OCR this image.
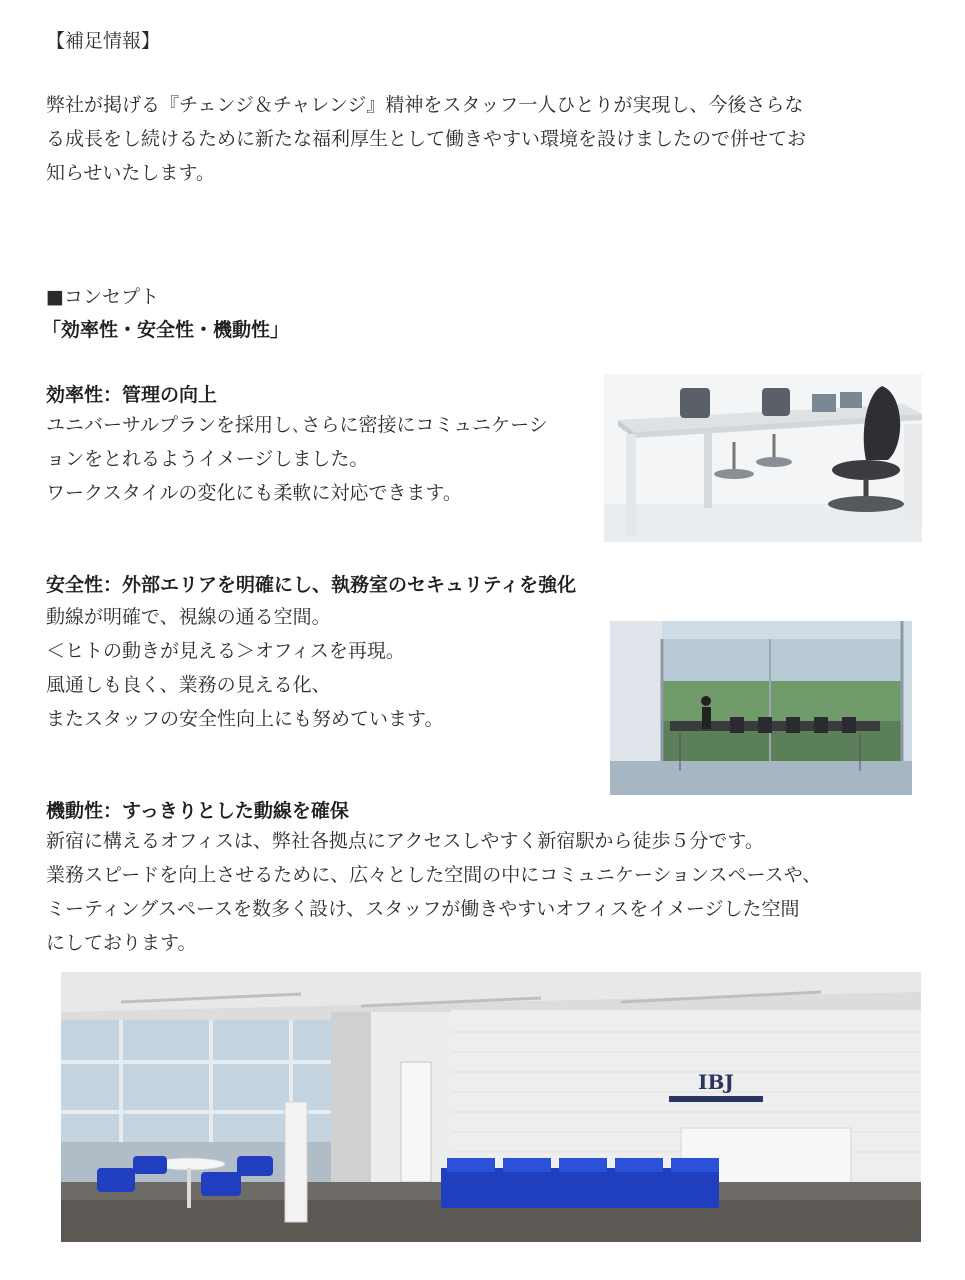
【補足情報】
弊社が掲げる『チェンジ＆チャレンジ』精神をスタッフ一人ひとりが実現し、今後さらな
る成長をし続けるために新たな福利厚生として働きやすい環境を設けましたので併せてお
知らせいたします。
■コンセプト
「効率性・安全性・機動性」
効率性：管理の向上
ユニバーサルプランを採用し､さらに密接にコミュニケーシ
ョンをとれるようイメージしました。
ワークスタイルの変化にも柔軟に対応できます。
安全性：外部エリアを明確にし、執務室のセキュリティを強化
動線が明確で、視線の通る空間。
＜ヒトの動きが見える＞オフィスを再現。
風通しも良く、業務の見える化、
またスタッフの安全性向上にも努めています。
機動性：すっきりとした動線を確保
新宿に構えるオフィスは、弊社各拠点にアクセスしやすく新宿駅から徒歩５分です。
業務スピードを向上させるために、広々とした空間の中にコミュニケーションスペースや、
ミーティングスペースを数多く設け、スタッフが働きやすいオフィスをイメージした空間
にしております。
IBJ
